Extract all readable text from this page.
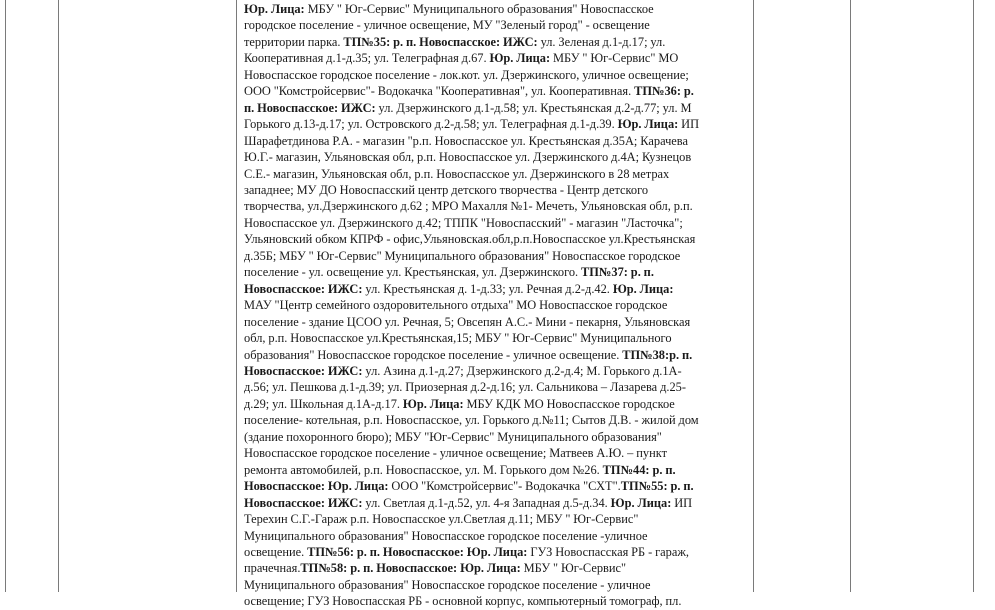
Юр. Лица: МБУ " Юг-Сервис" Муниципального образования" Новоспасское

городское поселение - уличное освещение, МУ "Зеленый город" - освещение

территории парка. ТП№35: р. п. Новоспасское: ИЖС: ул. Зеленая д.1-д.17; ул.

Кооперативная д.1-д.35; ул. Телеграфная д.67. Юр. Лица: МБУ " Юг-Сервис" МО

Новоспасское городское поселение - лок.кот. ул. Дзержинского, уличное освещение;

ООО "Комстройсервис"- Водокачка "Кооперативная", ул. Кооперативная. ТП№36: р.

п. Новоспасское: ИЖС: ул. Дзержинского д.1-д.58; ул. Крестьянская д.2-д.77; ул. М

Горького д.13-д.17; ул. Островского д.2-д.58; ул. Телеграфная д.1-д.39. Юр. Лица: ИП

Шарафетдинова Р.А. - магазин "р.п. Новоспасское ул. Крестьянская д.35А; Карачева

Ю.Г.- магазин, Ульяновская обл, р.п. Новоспасское ул. Дзержинского д.4А; Кузнецов

С.Е.- магазин, Ульяновская обл, р.п. Новоспасское ул. Дзержинского в 28 метрах

западнее; МУ ДО Новоспасский центр детского творчества - Центр детского

творчества, ул.Дзержинского д.62 ; МРО Махалля №1- Мечеть, Ульяновская обл, р.п.

Новоспасское ул. Дзержинского д.42; ТППК "Новоспасский" - магазин "Ласточка";

Ульяновский обком КПРФ - офис,Ульяновская.обл,р.п.Новоспасское ул.Крестьянская

д.35Б; МБУ " Юг-Сервис" Муниципального образования" Новоспасское городское

поселение - ул. освещение ул. Крестьянская, ул. Дзержинского. ТП№37: р. п.

Новоспасское: ИЖС: ул. Крестьянская д. 1-д.33; ул. Речная д.2-д.42. Юр. Лица:

МАУ "Центр семейного оздоровительного отдыха" МО Новоспасское городское

поселение - здание ЦСОО ул. Речная, 5; Овсепян А.С.- Мини - пекарня, Ульяновская

обл, р.п. Новоспасское ул.Крестьянская,15; МБУ " Юг-Сервис" Муниципального

образования" Новоспасское городское поселение - уличное освещение. ТП№38:р. п.

Новоспасское: ИЖС: ул. Азина д.1-д.27; Дзержинского д.2-д.4; М. Горького д.1А-

д.56; ул. Пешкова д.1-д.39; ул. Приозерная д.2-д.16; ул. Сальникова – Лазарева д.25-

д.29; ул. Школьная д.1А-д.17. Юр. Лица: МБУ КДК МО Новоспасское городское

поселение- котельная, р.п. Новоспасское, ул. Горького д.№11; Сытов Д.В. - жилой дом

(здание похоронного бюро); МБУ "Юг-Сервис" Муниципального образования"

Новоспасское городское поселение - уличное освещение; Матвеев А.Ю. – пункт

ремонта автомобилей, р.п. Новоспасское, ул. М. Горького дом №26. ТП№44: р. п.

Новоспасское: Юр. Лица: ООО "Комстройсервис"- Водокачка "СХТ".ТП№55: р. п.

Новоспасское: ИЖС: ул. Светлая д.1-д.52, ул. 4-я Западная д.5-д.34. Юр. Лица: ИП

Терехин С.Г.-Гараж р.п. Новоспасское ул.Светлая д.11; МБУ " Юг-Сервис"

Муниципального образования" Новоспасское городское поселение -уличное

освещение. ТП№56: р. п. Новоспасское: Юр. Лица: ГУЗ Новоспасская РБ - гараж,

прачечная.ТП№58: р. п. Новоспасское: Юр. Лица: МБУ " Юг-Сервис"

Муниципального образования" Новоспасское городское поселение - уличное

освещение; ГУЗ Новоспасская РБ - основной корпус, компьютерный томограф, пл.
